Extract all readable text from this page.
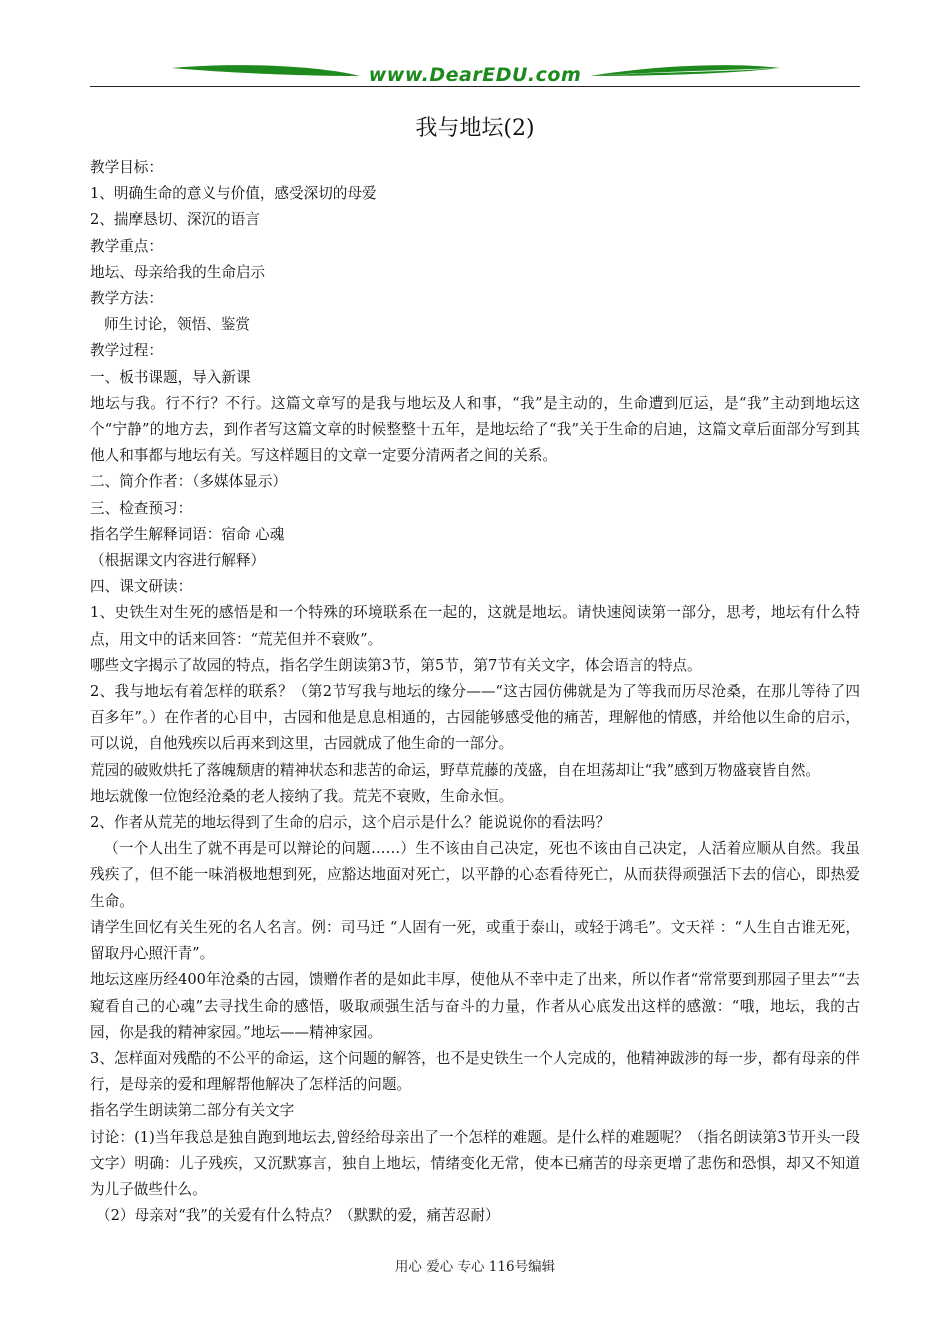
www.DearEDU.com
我与地坛(2)

教学目标：

1、明确生命的意义与价值，感受深切的母爱

2、揣摩恳切、深沉的语言

教学重点：

地坛、母亲给我的生命启示

教学方法：

师生讨论，领悟、鉴赏

教学过程：

一、板书课题，导入新课

地坛与我。行不行？不行。这篇文章写的是我与地坛及人和事，“我”是主动的，生命遭到厄运，是“我”主动到地坛这个“宁静”的地方去，到作者写这篇文章的时候整整十五年，是地坛给了“我”关于生命的启迪，这篇文章后面部分写到其他人和事都与地坛有关。写这样题目的文章一定要分清两者之间的关系。

二、简介作者：（多媒体显示）

三、检查预习：

指名学生解释词语：宿命 心魂

（根据课文内容进行解释）

四、课文研读：

1、史铁生对生死的感悟是和一个特殊的环境联系在一起的，这就是地坛。请快速阅读第一部分，思考，地坛有什么特点，用文中的话来回答：“荒芜但并不衰败”。

哪些文字揭示了故园的特点，指名学生朗读第3节，第5节，第7节有关文字，体会语言的特点。

2、我与地坛有着怎样的联系？（第2节写我与地坛的缘分——“这古园仿佛就是为了等我而历尽沧桑，在那儿等待了四百多年”。）在作者的心目中，古园和他是息息相通的，古园能够感受他的痛苦，理解他的情感，并给他以生命的启示，可以说，自他残疾以后再来到这里，古园就成了他生命的一部分。

荒园的破败烘托了落魄颓唐的精神状态和悲苦的命运，野草荒藤的茂盛，自在坦荡却让“我”感到万物盛衰皆自然。

地坛就像一位饱经沧桑的老人接纳了我。荒芜不衰败，生命永恒。

2、作者从荒芜的地坛得到了生命的启示，这个启示是什么？能说说你的看法吗？

（一个人出生了就不再是可以辩论的问题……）生不该由自己决定，死也不该由自己决定，人活着应顺从自然。我虽残疾了，但不能一味消极地想到死，应豁达地面对死亡，以平静的心态看待死亡，从而获得顽强活下去的信心，即热爱生命。

请学生回忆有关生死的名人名言。例：司马迁 “人固有一死，或重于泰山，或轻于鸿毛”。文天祥 ：“人生自古谁无死，留取丹心照汗青”。

地坛这座历经400年沧桑的古园，馈赠作者的是如此丰厚，使他从不幸中走了出来，所以作者“常常要到那园子里去”“去窥看自己的心魂”去寻找生命的感悟，吸取顽强生活与奋斗的力量，作者从心底发出这样的感激：“哦，地坛，我的古园，你是我的精神家园。”地坛——精神家园。

3、怎样面对残酷的不公平的命运，这个问题的解答，也不是史铁生一个人完成的，他精神跋涉的每一步，都有母亲的伴行，是母亲的爱和理解帮他解决了怎样活的问题。

指名学生朗读第二部分有关文字

讨论：(1)当年我总是独自跑到地坛去,曾经给母亲出了一个怎样的难题。是什么样的难题呢？（指名朗读第3节开头一段文字）明确：儿子残疾，又沉默寡言，独自上地坛，情绪变化无常，使本已痛苦的母亲更增了悲伤和恐惧，却又不知道为儿子做些什么。

（2）母亲对“我”的关爱有什么特点？（默默的爱，痛苦忍耐）

用心 爱心 专心 116号编辑
